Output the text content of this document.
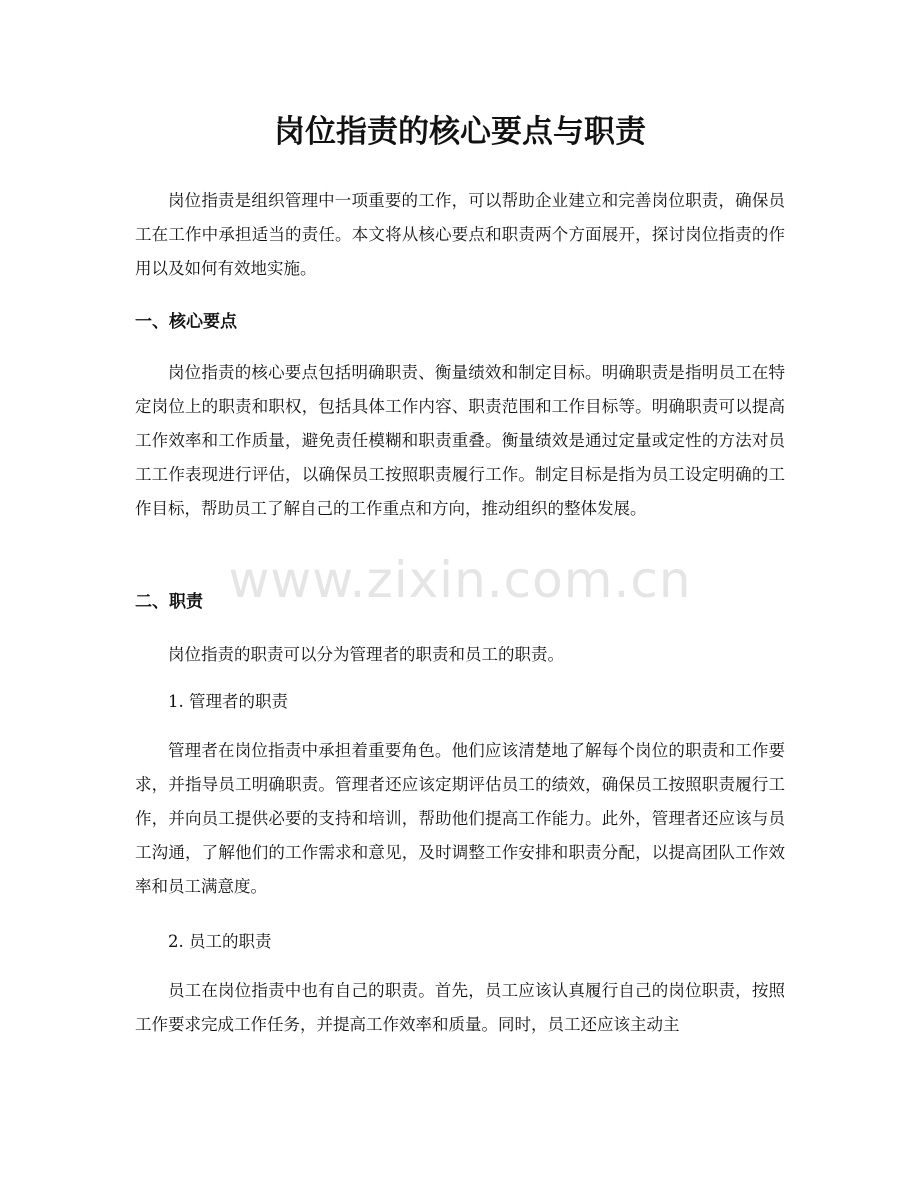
岗位指责的核心要点与职责

岗位指责是组织管理中一项重要的工作，可以帮助企业建立和完善岗位职责，确保员工在工作中承担适当的责任。本文将从核心要点和职责两个方面展开，探讨岗位指责的作用以及如何有效地实施。

一、核心要点

岗位指责的核心要点包括明确职责、衡量绩效和制定目标。明确职责是指明员工在特定岗位上的职责和职权，包括具体工作内容、职责范围和工作目标等。明确职责可以提高工作效率和工作质量，避免责任模糊和职责重叠。衡量绩效是通过定量或定性的方法对员工工作表现进行评估，以确保员工按照职责履行工作。制定目标是指为员工设定明确的工作目标，帮助员工了解自己的工作重点和方向，推动组织的整体发展。

www.zixin.com.cn
二、职责

岗位指责的职责可以分为管理者的职责和员工的职责。

1. 管理者的职责

管理者在岗位指责中承担着重要角色。他们应该清楚地了解每个岗位的职责和工作要求，并指导员工明确职责。管理者还应该定期评估员工的绩效，确保员工按照职责履行工作，并向员工提供必要的支持和培训，帮助他们提高工作能力。此外，管理者还应该与员工沟通，了解他们的工作需求和意见，及时调整工作安排和职责分配，以提高团队工作效率和员工满意度。

2. 员工的职责

员工在岗位指责中也有自己的职责。首先，员工应该认真履行自己的岗位职责，按照工作要求完成工作任务，并提高工作效率和质量。同时，员工还应该主动主
